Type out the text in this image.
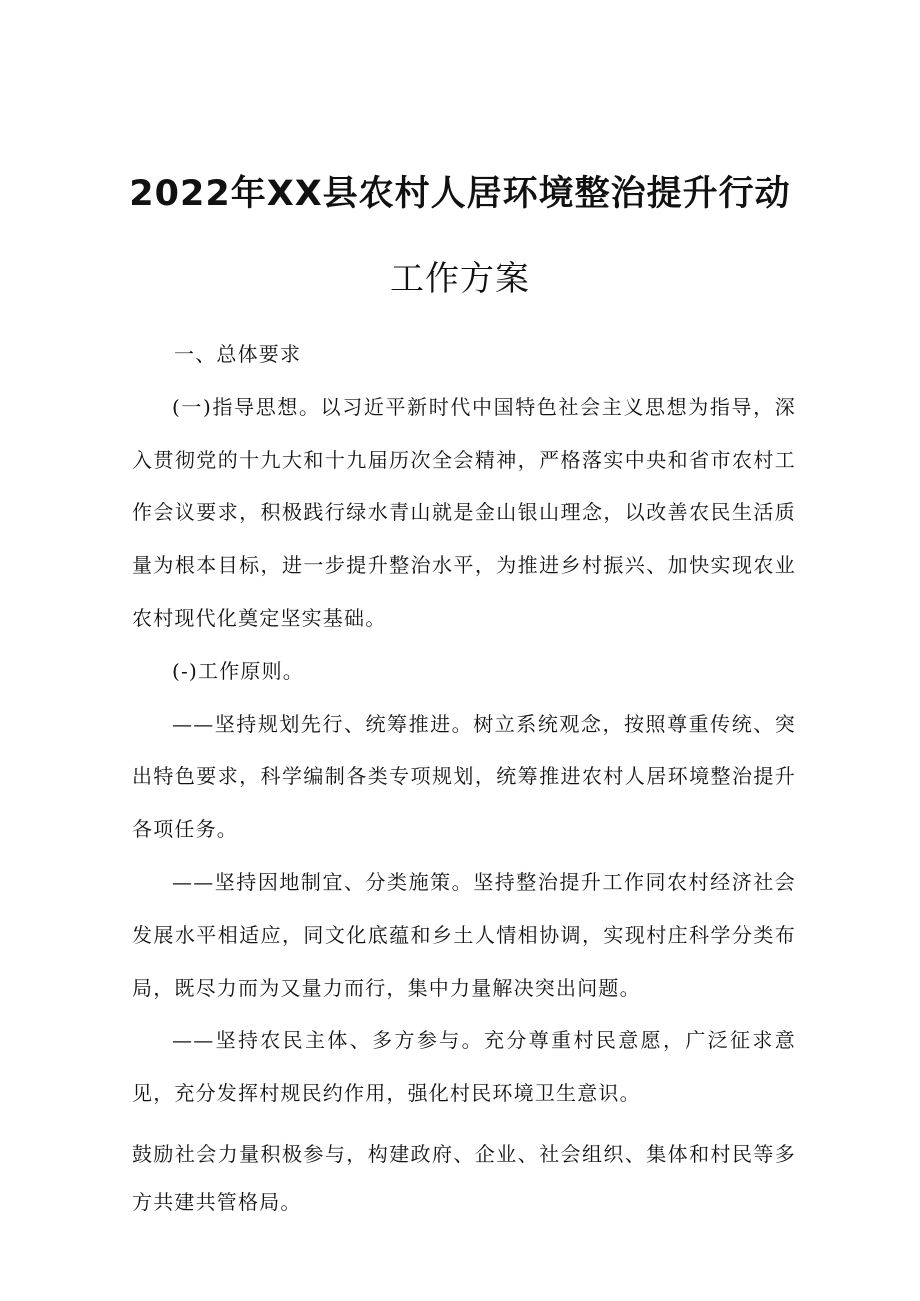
2022年XX县农村人居环境整治提升行动
工作方案

一、总体要求

(一)指导思想。以习近平新时代中国特色社会主义思想为指导，深入贯彻党的十九大和十九届历次全会精神，严格落实中央和省市农村工作会议要求，积极践行绿水青山就是金山银山理念，以改善农民生活质量为根本目标，进一步提升整治水平，为推进乡村振兴、加快实现农业农村现代化奠定坚实基础。

(-)工作原则。

——坚持规划先行、统筹推进。树立系统观念，按照尊重传统、突出特色要求，科学编制各类专项规划，统筹推进农村人居环境整治提升各项任务。

——坚持因地制宜、分类施策。坚持整治提升工作同农村经济社会发展水平相适应，同文化底蕴和乡土人情相协调，实现村庄科学分类布局，既尽力而为又量力而行，集中力量解决突出问题。

——坚持农民主体、多方参与。充分尊重村民意愿，广泛征求意见，充分发挥村规民约作用，强化村民环境卫生意识。

鼓励社会力量积极参与，构建政府、企业、社会组织、集体和村民等多方共建共管格局。
